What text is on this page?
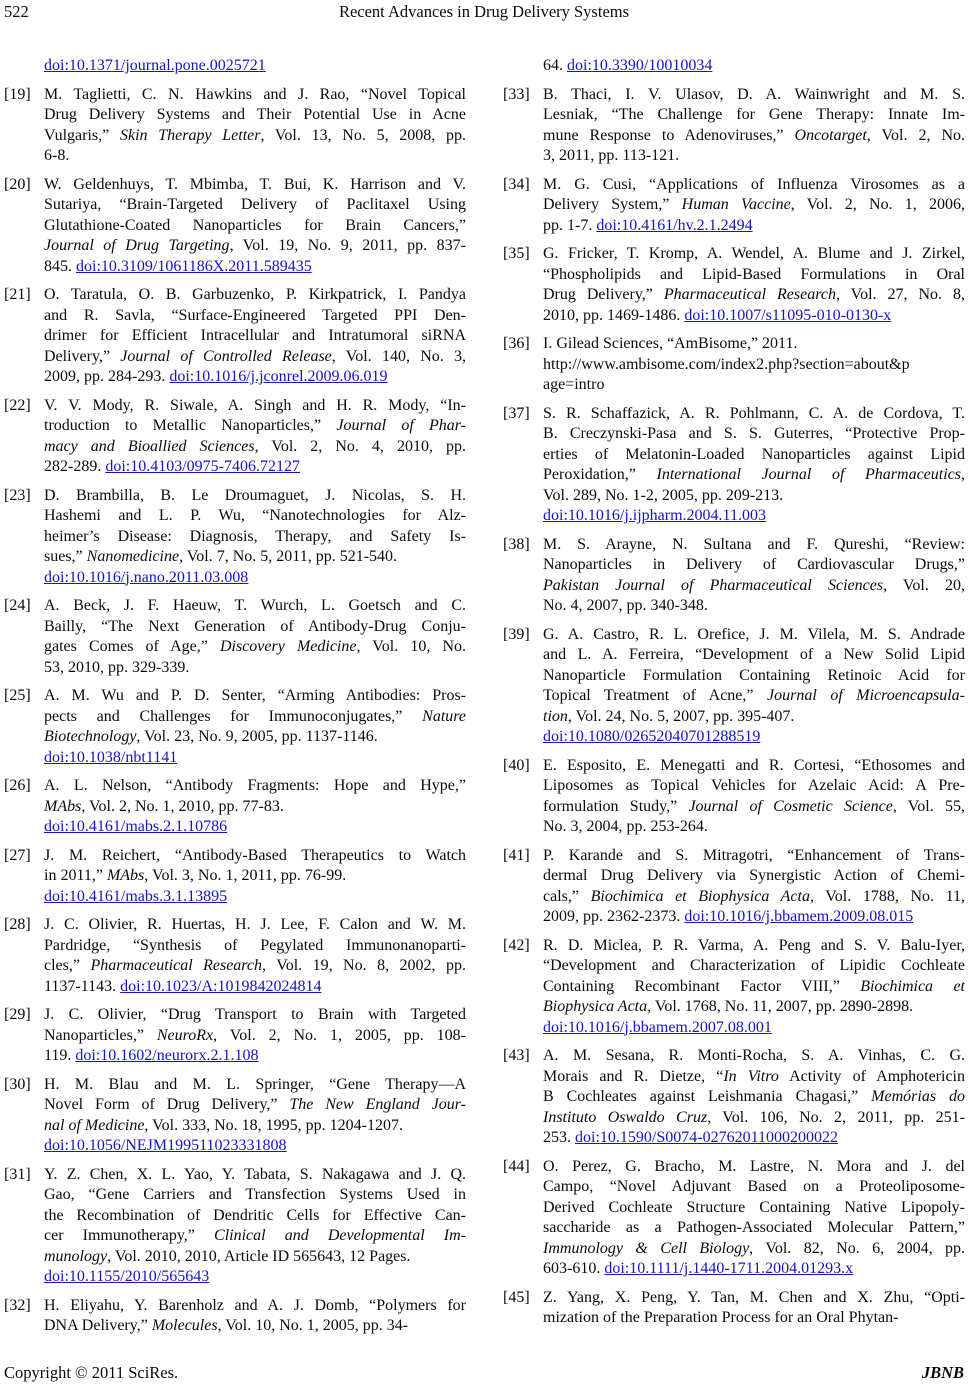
522	Recent Advances in Drug Delivery Systems
doi:10.1371/journal.pone.0025721
[19] M. Taglietti, C. N. Hawkins and J. Rao, “Novel Topical
Drug Delivery Systems and Their Potential Use in Acne
Vulgaris,” Skin Therapy Letter, Vol. 13, No. 5, 2008, pp.
6-8.
[20] W. Geldenhuys, T. Mbimba, T. Bui, K. Harrison and V.
Sutariya, “Brain-Targeted Delivery of Paclitaxel Using
Glutathione-Coated Nanoparticles for Brain Cancers,”
Journal of Drug Targeting, Vol. 19, No. 9, 2011, pp. 837-
845. doi:10.3109/1061186X.2011.589435
[21] O. Taratula, O. B. Garbuzenko, P. Kirkpatrick, I. Pandya
and R. Savla, “Surface-Engineered Targeted PPI Den-
drimer for Efficient Intracellular and Intratumoral siRNA
Delivery,” Journal of Controlled Release, Vol. 140, No. 3,
2009, pp. 284-293. doi:10.1016/j.jconrel.2009.06.019
[22] V. V. Mody, R. Siwale, A. Singh and H. R. Mody, “In-
troduction to Metallic Nanoparticles,” Journal of Phar-
macy and Bioallied Sciences, Vol. 2, No. 4, 2010, pp.
282-289. doi:10.4103/0975-7406.72127
[23] D. Brambilla, B. Le Droumaguet, J. Nicolas, S. H.
Hashemi and L. P. Wu, “Nanotechnologies for Alz-
heimer’s Disease: Diagnosis, Therapy, and Safety Is-
sues,” Nanomedicine, Vol. 7, No. 5, 2011, pp. 521-540.
doi:10.1016/j.nano.2011.03.008
[24] A. Beck, J. F. Haeuw, T. Wurch, L. Goetsch and C.
Bailly, “The Next Generation of Antibody-Drug Conju-
gates Comes of Age,” Discovery Medicine, Vol. 10, No.
53, 2010, pp. 329-339.
[25] A. M. Wu and P. D. Senter, “Arming Antibodies: Pros-
pects and Challenges for Immunoconjugates,” Nature
Biotechnology, Vol. 23, No. 9, 2005, pp. 1137-1146.
doi:10.1038/nbt1141
[26] A. L. Nelson, “Antibody Fragments: Hope and Hype,”
MAbs, Vol. 2, No. 1, 2010, pp. 77-83.
doi:10.4161/mabs.2.1.10786
[27] J. M. Reichert, “Antibody-Based Therapeutics to Watch
in 2011,” MAbs, Vol. 3, No. 1, 2011, pp. 76-99.
doi:10.4161/mabs.3.1.13895
[28] J. C. Olivier, R. Huertas, H. J. Lee, F. Calon and W. M.
Pardridge, “Synthesis of Pegylated Immunonanoparti-
cles,” Pharmaceutical Research, Vol. 19, No. 8, 2002, pp.
1137-1143. doi:10.1023/A:1019842024814
[29] J. C. Olivier, “Drug Transport to Brain with Targeted
Nanoparticles,” NeuroRx, Vol. 2, No. 1, 2005, pp. 108-
119. doi:10.1602/neurorx.2.1.108
[30] H. M. Blau and M. L. Springer, “Gene Therapy—A
Novel Form of Drug Delivery,” The New England Jour-
nal of Medicine, Vol. 333, No. 18, 1995, pp. 1204-1207.
doi:10.1056/NEJM199511023331808
[31] Y. Z. Chen, X. L. Yao, Y. Tabata, S. Nakagawa and J. Q.
Gao, “Gene Carriers and Transfection Systems Used in
the Recombination of Dendritic Cells for Effective Can-
cer Immunotherapy,” Clinical and Developmental Im-
munology, Vol. 2010, 2010, Article ID 565643, 12 Pages.
doi:10.1155/2010/565643
[32] H. Eliyahu, Y. Barenholz and A. J. Domb, “Polymers for
DNA Delivery,” Molecules, Vol. 10, No. 1, 2005, pp. 34-
64. doi:10.3390/10010034
[33] B. Thaci, I. V. Ulasov, D. A. Wainwright and M. S.
Lesniak, “The Challenge for Gene Therapy: Innate Im-
mune Response to Adenoviruses,” Oncotarget, Vol. 2, No.
3, 2011, pp. 113-121.
[34] M. G. Cusi, “Applications of Influenza Virosomes as a
Delivery System,” Human Vaccine, Vol. 2, No. 1, 2006,
pp. 1-7. doi:10.4161/hv.2.1.2494
[35] G. Fricker, T. Kromp, A. Wendel, A. Blume and J. Zirkel,
“Phospholipids and Lipid-Based Formulations in Oral
Drug Delivery,” Pharmaceutical Research, Vol. 27, No. 8,
2010, pp. 1469-1486. doi:10.1007/s11095-010-0130-x
[36] I. Gilead Sciences, “AmBisome,” 2011.
http://www.ambisome.com/index2.php?section=about&p
age=intro
[37] S. R. Schaffazick, A. R. Pohlmann, C. A. de Cordova, T.
B. Creczynski-Pasa and S. S. Guterres, “Protective Prop-
erties of Melatonin-Loaded Nanoparticles against Lipid
Peroxidation,” International Journal of Pharmaceutics,
Vol. 289, No. 1-2, 2005, pp. 209-213.
doi:10.1016/j.ijpharm.2004.11.003
[38] M. S. Arayne, N. Sultana and F. Qureshi, “Review:
Nanoparticles in Delivery of Cardiovascular Drugs,”
Pakistan Journal of Pharmaceutical Sciences, Vol. 20,
No. 4, 2007, pp. 340-348.
[39] G. A. Castro, R. L. Orefice, J. M. Vilela, M. S. Andrade
and L. A. Ferreira, “Development of a New Solid Lipid
Nanoparticle Formulation Containing Retinoic Acid for
Topical Treatment of Acne,” Journal of Microencapsula-
tion, Vol. 24, No. 5, 2007, pp. 395-407.
doi:10.1080/02652040701288519
[40] E. Esposito, E. Menegatti and R. Cortesi, “Ethosomes and
Liposomes as Topical Vehicles for Azelaic Acid: A Pre-
formulation Study,” Journal of Cosmetic Science, Vol. 55,
No. 3, 2004, pp. 253-264.
[41] P. Karande and S. Mitragotri, “Enhancement of Trans-
dermal Drug Delivery via Synergistic Action of Chemi-
cals,” Biochimica et Biophysica Acta, Vol. 1788, No. 11,
2009, pp. 2362-2373. doi:10.1016/j.bbamem.2009.08.015
[42] R. D. Miclea, P. R. Varma, A. Peng and S. V. Balu-Iyer,
“Development and Characterization of Lipidic Cochleate
Containing Recombinant Factor VIII,” Biochimica et
Biophysica Acta, Vol. 1768, No. 11, 2007, pp. 2890-2898.
doi:10.1016/j.bbamem.2007.08.001
[43] A. M. Sesana, R. Monti-Rocha, S. A. Vinhas, C. G.
Morais and R. Dietze, “In Vitro Activity of Amphotericin
B Cochleates against Leishmania Chagasi,” Memórias do
Instituto Oswaldo Cruz, Vol. 106, No. 2, 2011, pp. 251-
253. doi:10.1590/S0074-02762011000200022
[44] O. Perez, G. Bracho, M. Lastre, N. Mora and J. del
Campo, “Novel Adjuvant Based on a Proteoliposome-
Derived Cochleate Structure Containing Native Lipopoly-
saccharide as a Pathogen-Associated Molecular Pattern,”
Immunology & Cell Biology, Vol. 82, No. 6, 2004, pp.
603-610. doi:10.1111/j.1440-1711.2004.01293.x
[45] Z. Yang, X. Peng, Y. Tan, M. Chen and X. Zhu, “Opti-
mization of the Preparation Process for an Oral Phytan-
Copyright © 2011 SciRes.	JBNB
